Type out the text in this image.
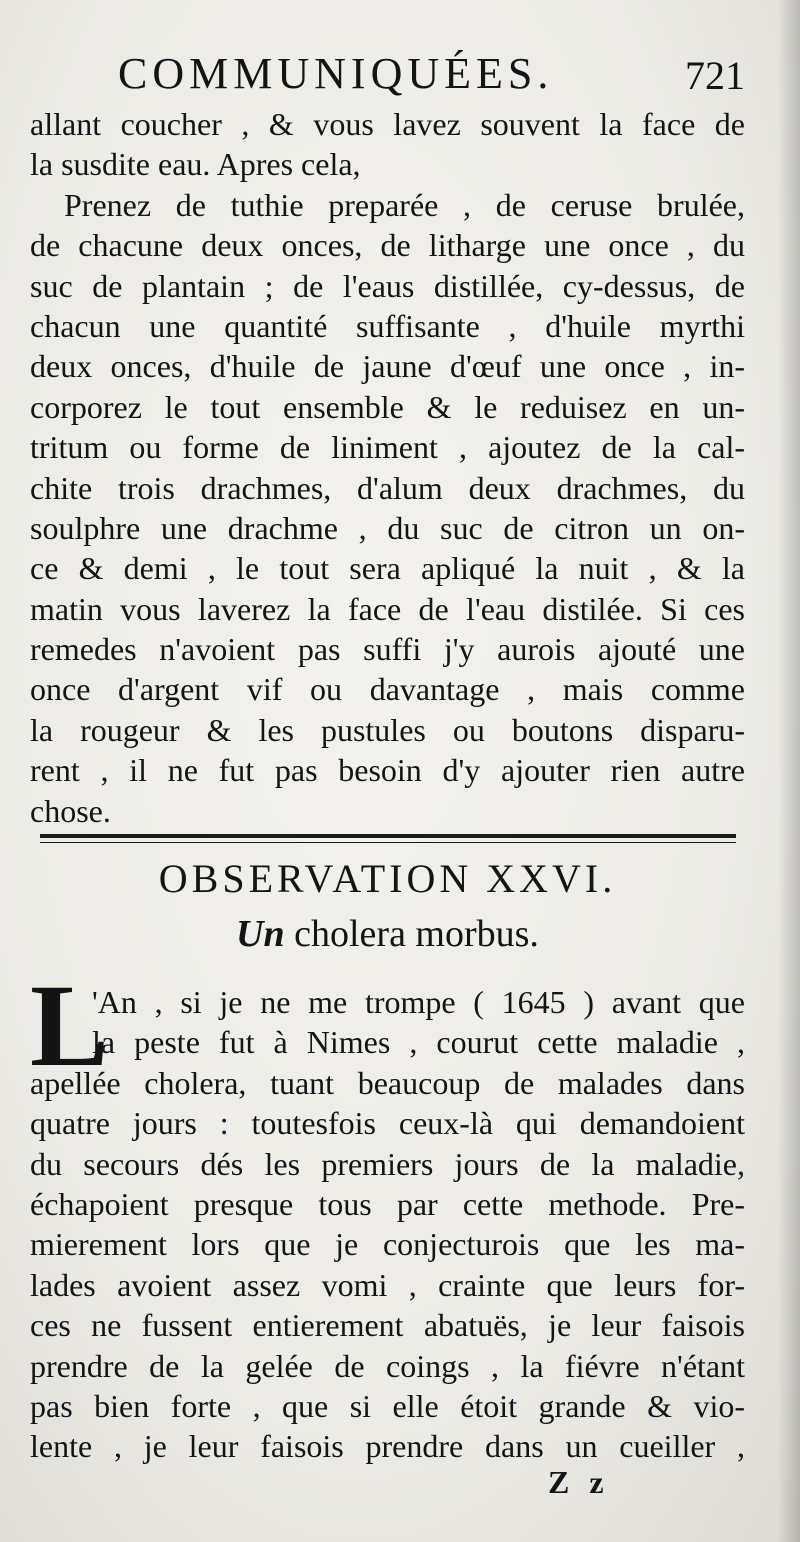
COMMUNIQUÉES.	721
allant coucher , & vous lavez souvent la face de
la susdite eau. Apres cela,
Prenez de tuthie preparée , de ceruse brulée,
de chacune deux onces, de litharge une once , du
suc de plantain ; de l'eaus distillée, cy-dessus, de
chacun une quantité suffisante , d'huile myrthi
deux onces, d'huile de jaune d'œuf une once , in-
corporez le tout ensemble & le reduisez en un-
tritum ou forme de liniment , ajoutez de la cal-
chite trois drachmes, d'alum deux drachmes, du
soulphre une drachme , du suc de citron un on-
ce & demi , le tout sera apliqué la nuit , & la
matin vous laverez la face de l'eau distilée. Si ces
remedes n'avoient pas suffi j'y aurois ajouté une
once d'argent vif ou davantage , mais comme
la rougeur & les pustules ou boutons disparu-
rent , il ne fut pas besoin d'y ajouter rien autre
chose.
OBSERVATION XXVI.
Un cholera morbus.
L
'An , si je ne me trompe ( 1645 ) avant que
la peste fut à Nimes , courut cette maladie ,
apellée cholera, tuant beaucoup de malades dans
quatre jours : toutesfois ceux-là qui demandoient
du secours dés les premiers jours de la maladie,
échapoient presque tous par cette methode. Pre-
mierement lors que je conjecturois que les ma-
lades avoient assez vomi , crainte que leurs for-
ces ne fussent entierement abatuës, je leur faisois
prendre de la gelée de coings , la fiévre n'étant
pas bien forte , que si elle étoit grande & vio-
lente , je leur faisois prendre dans un cueiller ,
Z z
